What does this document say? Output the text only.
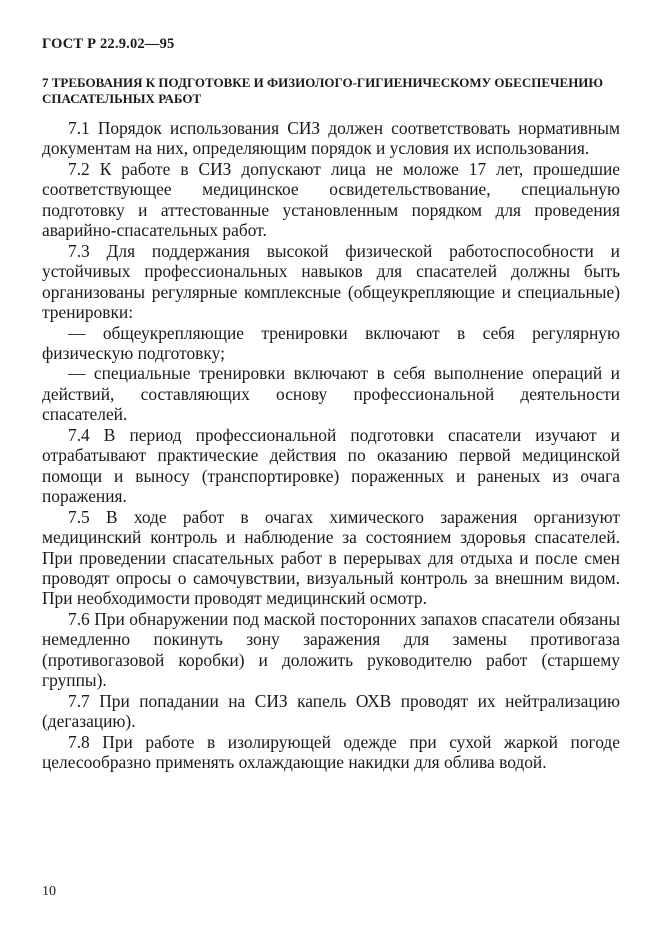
ГОСТ Р 22.9.02—95
7 ТРЕБОВАНИЯ К ПОДГОТОВКЕ И ФИЗИОЛОГО-ГИГИЕНИЧЕСКОМУ ОБЕСПЕЧЕНИЮ СПАСАТЕЛЬНЫХ РАБОТ

7.1 Порядок использования СИЗ должен соответствовать нормативным документам на них, определяющим порядок и условия их использования.

7.2 К работе в СИЗ допускают лица не моложе 17 лет, прошедшие соответствующее медицинское освидетельствование, специальную подготовку и аттестованные установленным порядком для проведения аварийно-спасательных работ.

7.3 Для поддержания высокой физической работоспособности и устойчивых профессиональных навыков для спасателей должны быть организованы регулярные комплексные (общеукрепляющие и специальные) тренировки:

— общеукрепляющие тренировки включают в себя регулярную физическую подготовку;

— специальные тренировки включают в себя выполнение операций и действий, составляющих основу профессиональной деятельности спасателей.

7.4 В период профессиональной подготовки спасатели изучают и отрабатывают практические действия по оказанию первой медицинской помощи и выносу (транспортировке) пораженных и раненых из очага поражения.

7.5 В ходе работ в очагах химического заражения организуют медицинский контроль и наблюдение за состоянием здоровья спасателей. При проведении спасательных работ в перерывах для отдыха и после смен проводят опросы о самочувствии, визуальный контроль за внешним видом. При необходимости проводят медицинский осмотр.

7.6 При обнаружении под маской посторонних запахов спасатели обязаны немедленно покинуть зону заражения для замены противогаза (противогазовой коробки) и доложить руководителю работ (старшему группы).

7.7 При попадании на СИЗ капель ОХВ проводят их нейтрализацию (дегазацию).

7.8 При работе в изолирующей одежде при сухой жаркой погоде целесообразно применять охлаждающие накидки для облива водой.

10
